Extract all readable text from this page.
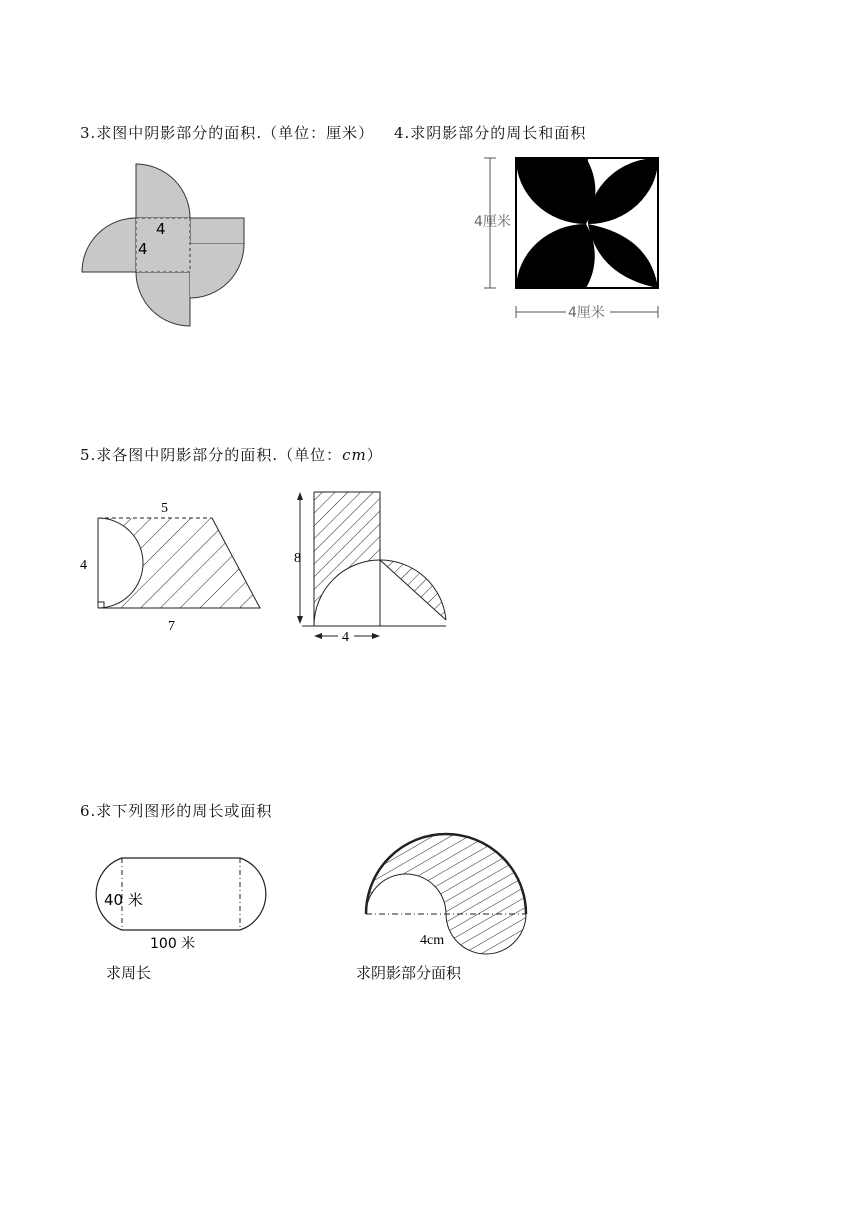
3.求图中阴影部分的面积.（单位：厘米） 4.求阴影部分的周长和面积
4
4
4厘米
4厘米
5.求各图中阴影部分的面积.（单位：cm）
5
4
7
8
4
6.求下列图形的周长或面积
40 米
100 米
求周长
4cm
求阴影部分面积
